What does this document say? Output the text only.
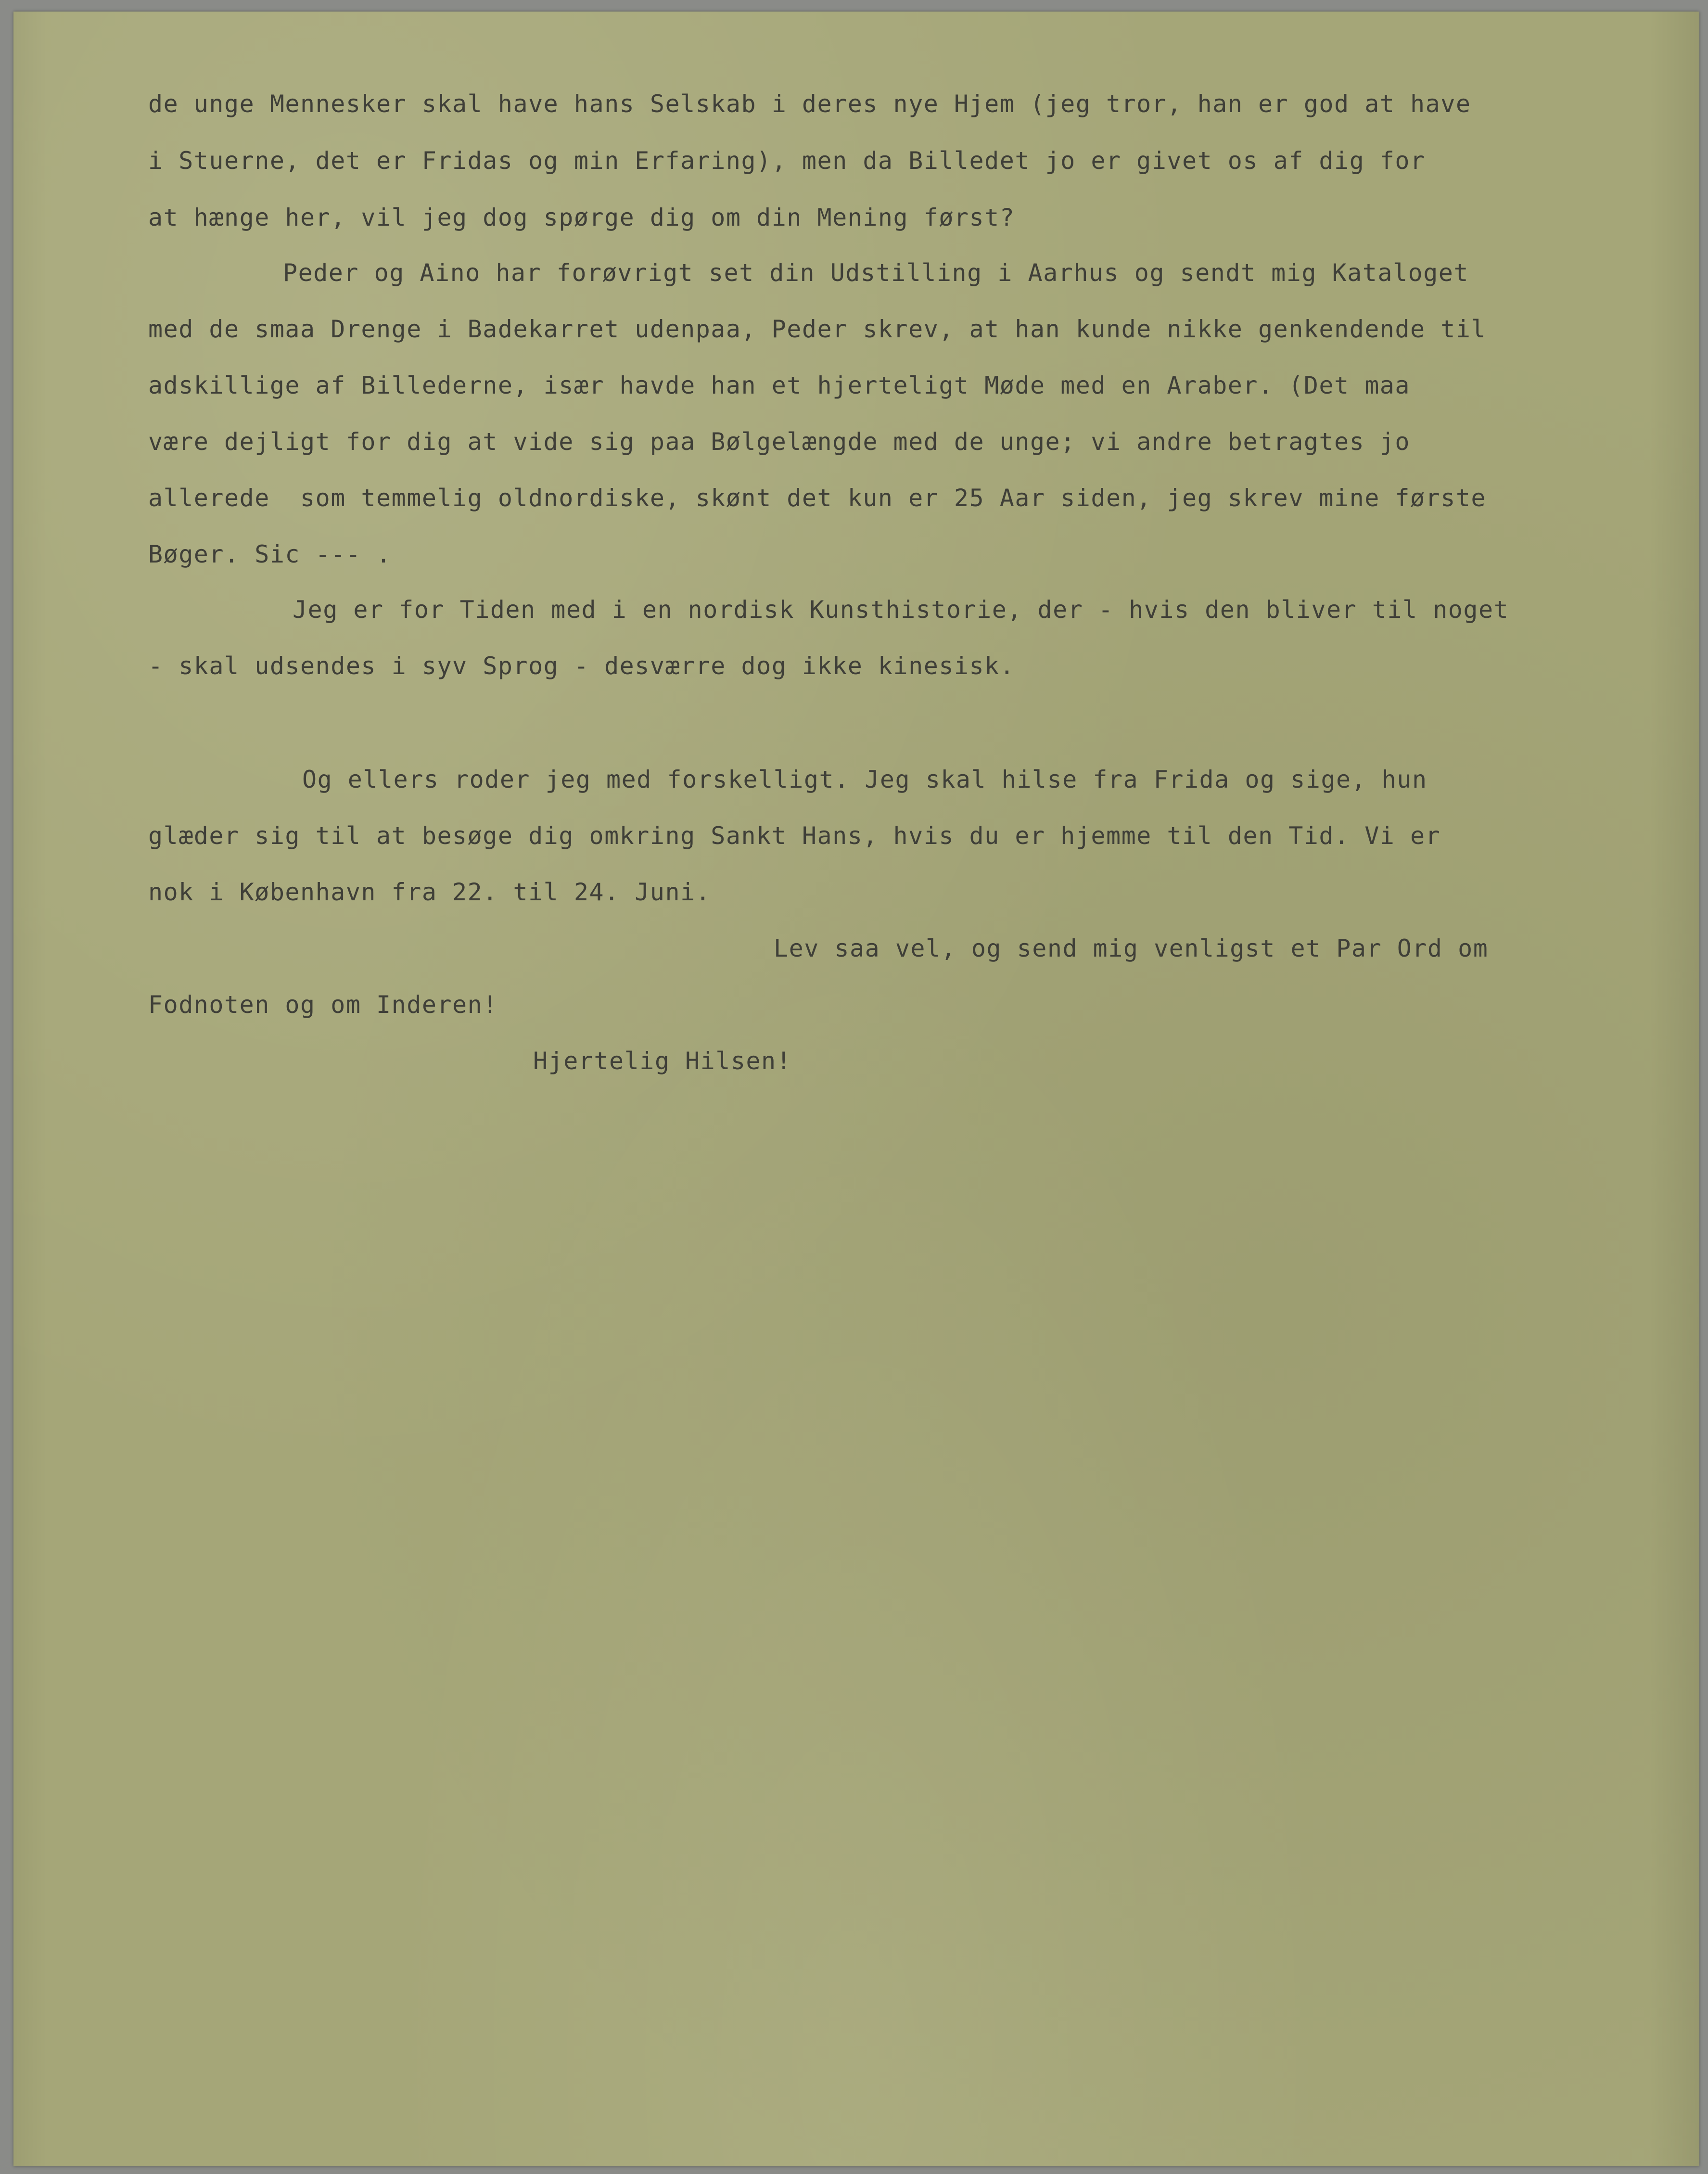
de unge Mennesker skal have hans Selskab i deres nye Hjem (jeg tror, han er god at have

i Stuerne, det er Fridas og min Erfaring), men da Billedet jo er givet os af dig for

at hænge her, vil jeg dog spørge dig om din Mening først?

Peder og Aino har forøvrigt set din Udstilling i Aarhus og sendt mig Kataloget

med de smaa Drenge i Badekarret udenpaa, Peder skrev, at han kunde nikke genkendende til

adskillige af Billederne, især havde han et hjerteligt Møde med en Araber. (Det maa

være dejligt for dig at vide sig paa Bølgelængde med de unge; vi andre betragtes jo

allerede  som temmelig oldnordiske, skønt det kun er 25 Aar siden, jeg skrev mine første

Bøger. Sic --- .

Jeg er for Tiden med i en nordisk Kunsthistorie, der - hvis den bliver til noget

- skal udsendes i syv Sprog - desværre dog ikke kinesisk.

Og ellers roder jeg med forskelligt. Jeg skal hilse fra Frida og sige, hun

glæder sig til at besøge dig omkring Sankt Hans, hvis du er hjemme til den Tid. Vi er

nok i København fra 22. til 24. Juni.

Lev saa vel, og send mig venligst et Par Ord om

Fodnoten og om Inderen!

Hjertelig Hilsen!
